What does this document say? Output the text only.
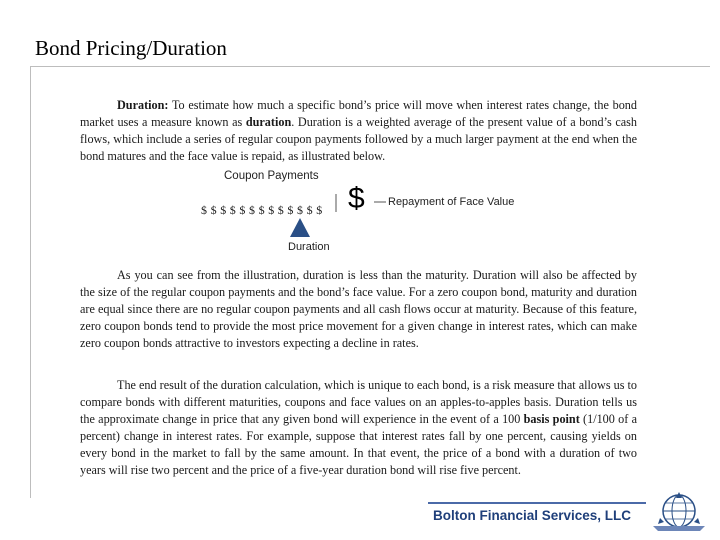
Bond Pricing/Duration

Duration: To estimate how much a specific bond’s price will move when interest rates change, the bond market uses a measure known as duration. Duration is a weighted average of the present value of a bond’s cash flows, which include a series of regular coupon payments followed by a much larger payment at the end when the bond matures and the face value is repaid, as illustrated below.

Coupon Payments
$$$$$$$$$$$$$ $ Repayment of Face Value
Duration

As you can see from the illustration, duration is less than the maturity. Duration will also be affected by the size of the regular coupon payments and the bond’s face value. For a zero coupon bond, maturity and duration are equal since there are no regular coupon payments and all cash flows occur at maturity. Because of this feature, zero coupon bonds tend to provide the most price movement for a given change in interest rates, which can make zero coupon bonds attractive to investors expecting a decline in rates.

The end result of the duration calculation, which is unique to each bond, is a risk measure that allows us to compare bonds with different maturities, coupons and face values on an apples-to-apples basis. Duration tells us the approximate change in price that any given bond will experience in the event of a 100 basis point (1/100 of a percent) change in interest rates. For example, suppose that interest rates fall by one percent, causing yields on every bond in the market to fall by the same amount. In that event, the price of a bond with a duration of two years will rise two percent and the price of a five-year duration bond will rise five percent.

Bolton Financial Services, LLC
